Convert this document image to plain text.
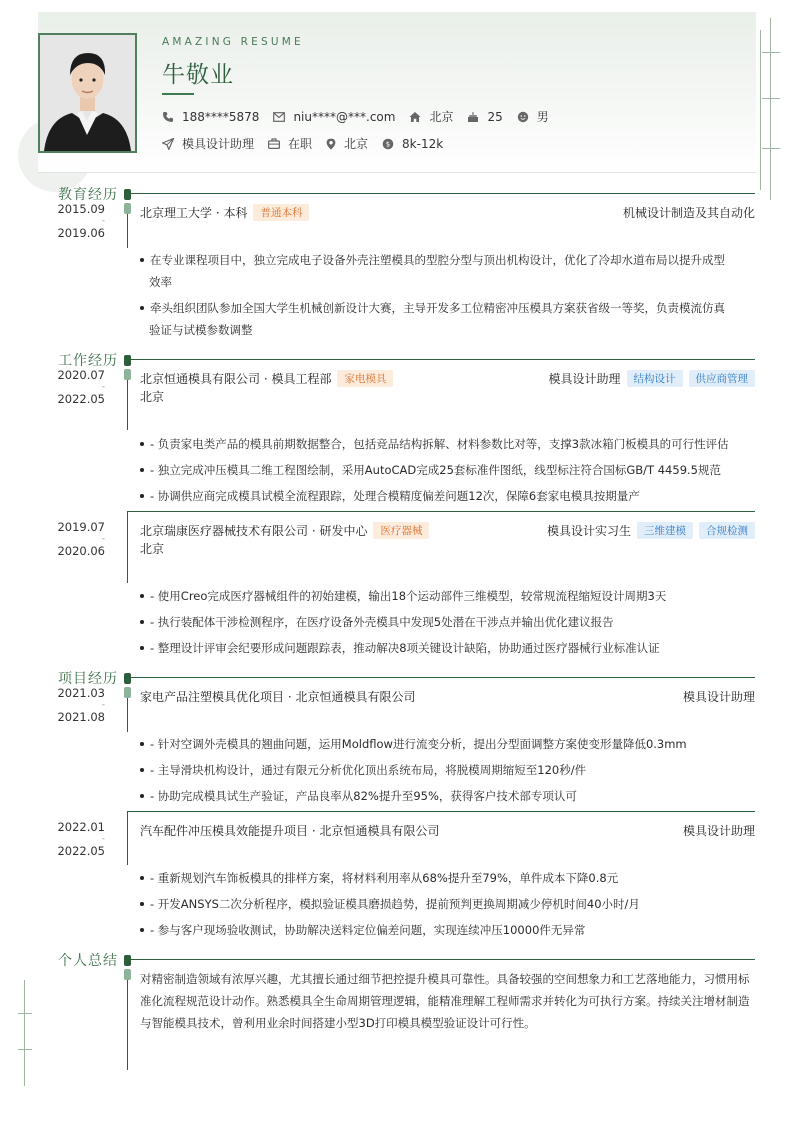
AMAZING RESUME
牛敬业
188****5878	niu****@***.com	北京	25	男
模具设计助理	在职	北京	$ 8k-12k
教育经历
2015.09
-
2019.06
北京理工大学 · 本科	普通本科	机械设计制造及其自动化
在专业课程项目中，独立完成电子设备外壳注塑模具的型腔分型与顶出机构设计，优化了冷却水道布局以提升成型
效率
牵头组织团队参加全国大学生机械创新设计大赛，主导开发多工位精密冲压模具方案获省级一等奖，负责模流仿真
验证与试模参数调整
工作经历
2020.07
-
2022.05
北京恒通模具有限公司 · 模具工程部	家电模具
北京
模具设计助理	结构设计	供应商管理
- 负责家电类产品的模具前期数据整合，包括竞品结构拆解、材料参数比对等，支撑3款冰箱门板模具的可行性评估
- 独立完成冲压模具二维工程图绘制，采用AutoCAD完成25套标准件图纸，线型标注符合国标GB/T 4459.5规范
- 协调供应商完成模具试模全流程跟踪，处理合模精度偏差问题12次，保障6套家电模具按期量产
2019.07
-
2020.06
北京瑞康医疗器械技术有限公司 · 研发中心	医疗器械
北京
模具设计实习生	三维建模	合规检测
- 使用Creo完成医疗器械组件的初始建模，输出18个运动部件三维模型，较常规流程缩短设计周期3天
- 执行装配体干涉检测程序，在医疗设备外壳模具中发现5处潜在干涉点并输出优化建议报告
- 整理设计评审会纪要形成问题跟踪表，推动解决8项关键设计缺陷，协助通过医疗器械行业标准认证
项目经历
2021.03
-
2021.08
家电产品注塑模具优化项目 · 北京恒通模具有限公司	模具设计助理
- 针对空调外壳模具的翘曲问题，运用Moldflow进行流变分析，提出分型面调整方案使变形量降低0.3mm
- 主导滑块机构设计，通过有限元分析优化顶出系统布局，将脱模周期缩短至120秒/件
- 协助完成模具试生产验证，产品良率从82%提升至95%，获得客户技术部专项认可
2022.01
-
2022.05
汽车配件冲压模具效能提升项目 · 北京恒通模具有限公司	模具设计助理
- 重新规划汽车饰板模具的排样方案，将材料利用率从68%提升至79%，单件成本下降0.8元
- 开发ANSYS二次分析程序，模拟验证模具磨损趋势，提前预判更换周期减少停机时间40小时/月
- 参与客户现场验收测试，协助解决送料定位偏差问题，实现连续冲压10000件无异常
个人总结
对精密制造领域有浓厚兴趣，尤其擅长通过细节把控提升模具可靠性。具备较强的空间想象力和工艺落地能力，习惯用标准化流程规范设计动作。熟悉模具全生命周期管理逻辑，能精准理解工程师需求并转化为可执行方案。持续关注增材制造与智能模具技术，曾利用业余时间搭建小型3D打印模具模型验证设计可行性。
